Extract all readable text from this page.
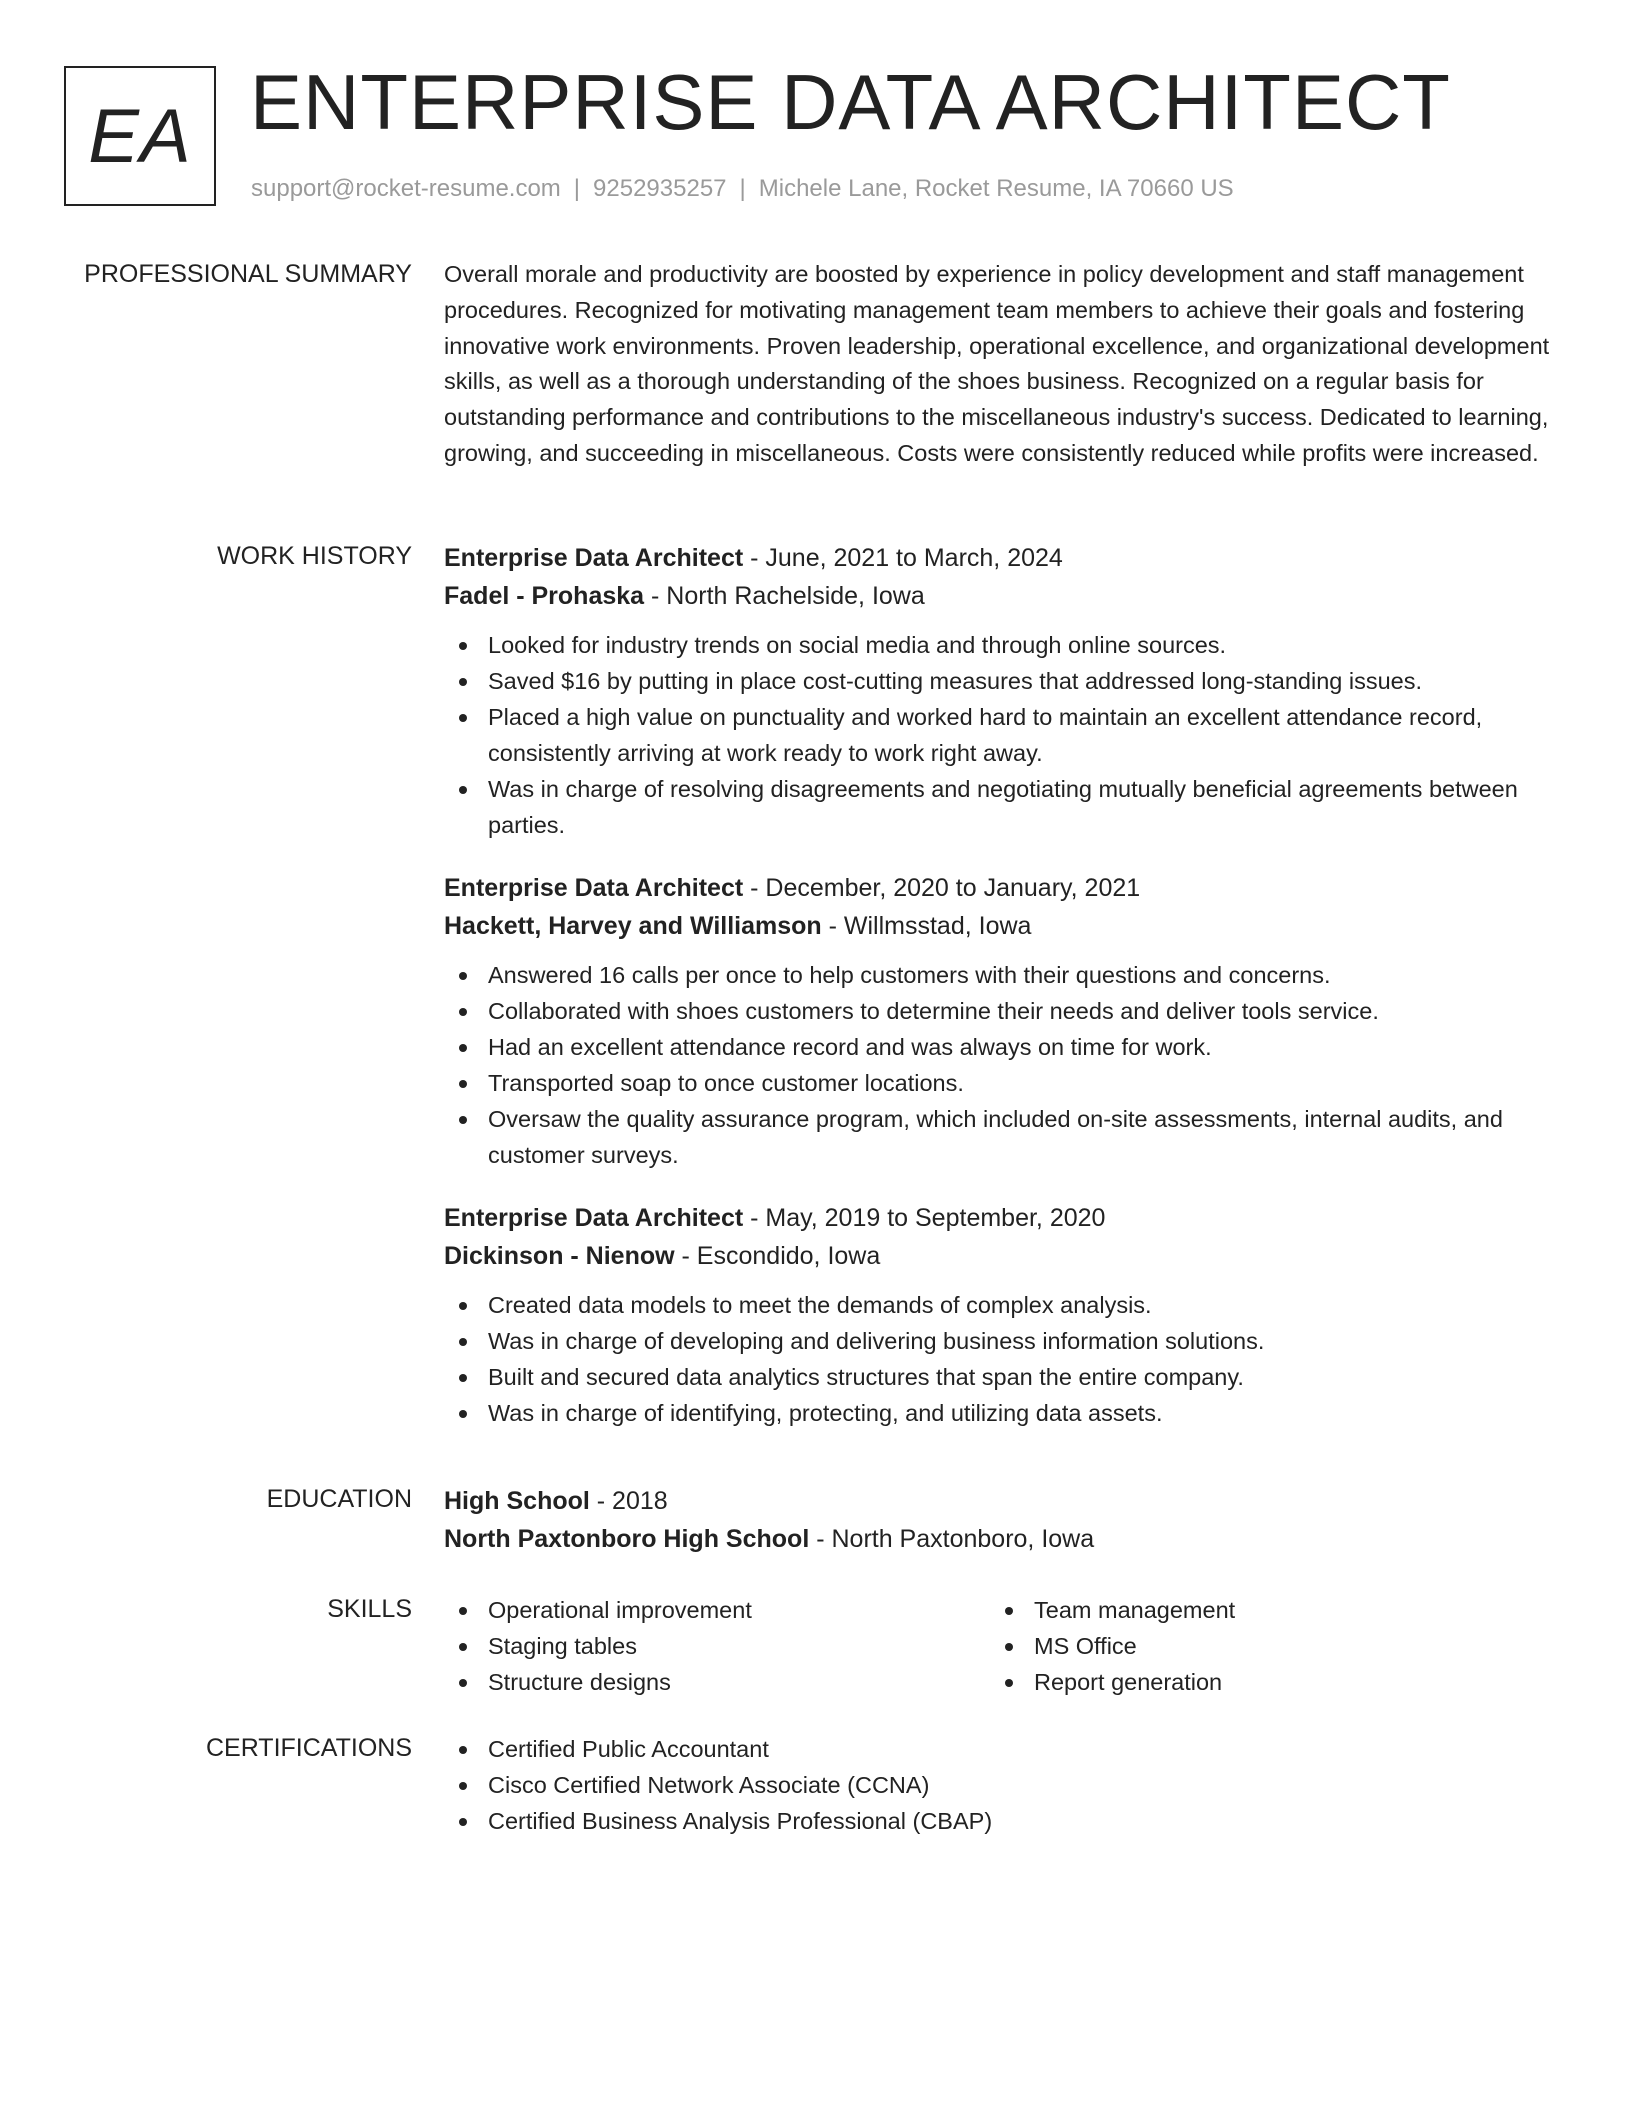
EA ENTERPRISE DATA ARCHITECT
support@rocket-resume.com | 9252935257 | Michele Lane, Rocket Resume, IA 70660 US
PROFESSIONAL SUMMARY Overall morale and productivity are boosted by experience in policy development and staff management procedures. Recognized for motivating management team members to achieve their goals and fostering innovative work environments. Proven leadership, operational excellence, and organizational development skills, as well as a thorough understanding of the shoes business. Recognized on a regular basis for outstanding performance and contributions to the miscellaneous industry's success. Dedicated to learning, growing, and succeeding in miscellaneous. Costs were consistently reduced while profits were increased.

WORK HISTORY Enterprise Data Architect - June, 2021 to March, 2024
Fadel - Prohaska - North Rachelside, Iowa
Looked for industry trends on social media and through online sources.
Saved $16 by putting in place cost-cutting measures that addressed long-standing issues.
Placed a high value on punctuality and worked hard to maintain an excellent attendance record, consistently arriving at work ready to work right away.
Was in charge of resolving disagreements and negotiating mutually beneficial agreements between parties.
Enterprise Data Architect - December, 2020 to January, 2021
Hackett, Harvey and Williamson - Willmsstad, Iowa
Answered 16 calls per once to help customers with their questions and concerns.
Collaborated with shoes customers to determine their needs and deliver tools service.
Had an excellent attendance record and was always on time for work.
Transported soap to once customer locations.
Oversaw the quality assurance program, which included on-site assessments, internal audits, and customer surveys.
Enterprise Data Architect - May, 2019 to September, 2020
Dickinson - Nienow - Escondido, Iowa
Created data models to meet the demands of complex analysis.
Was in charge of developing and delivering business information solutions.
Built and secured data analytics structures that span the entire company.
Was in charge of identifying, protecting, and utilizing data assets.
EDUCATION High School - 2018
North Paxtonboro High School - North Paxtonboro, Iowa
SKILLS	Operational improvement
Staging tables
Structure designs
Team management
MS Office
Report generation
CERTIFICATIONS	Certified Public Accountant
Cisco Certified Network Associate (CCNA)
Certified Business Analysis Professional (CBAP)
